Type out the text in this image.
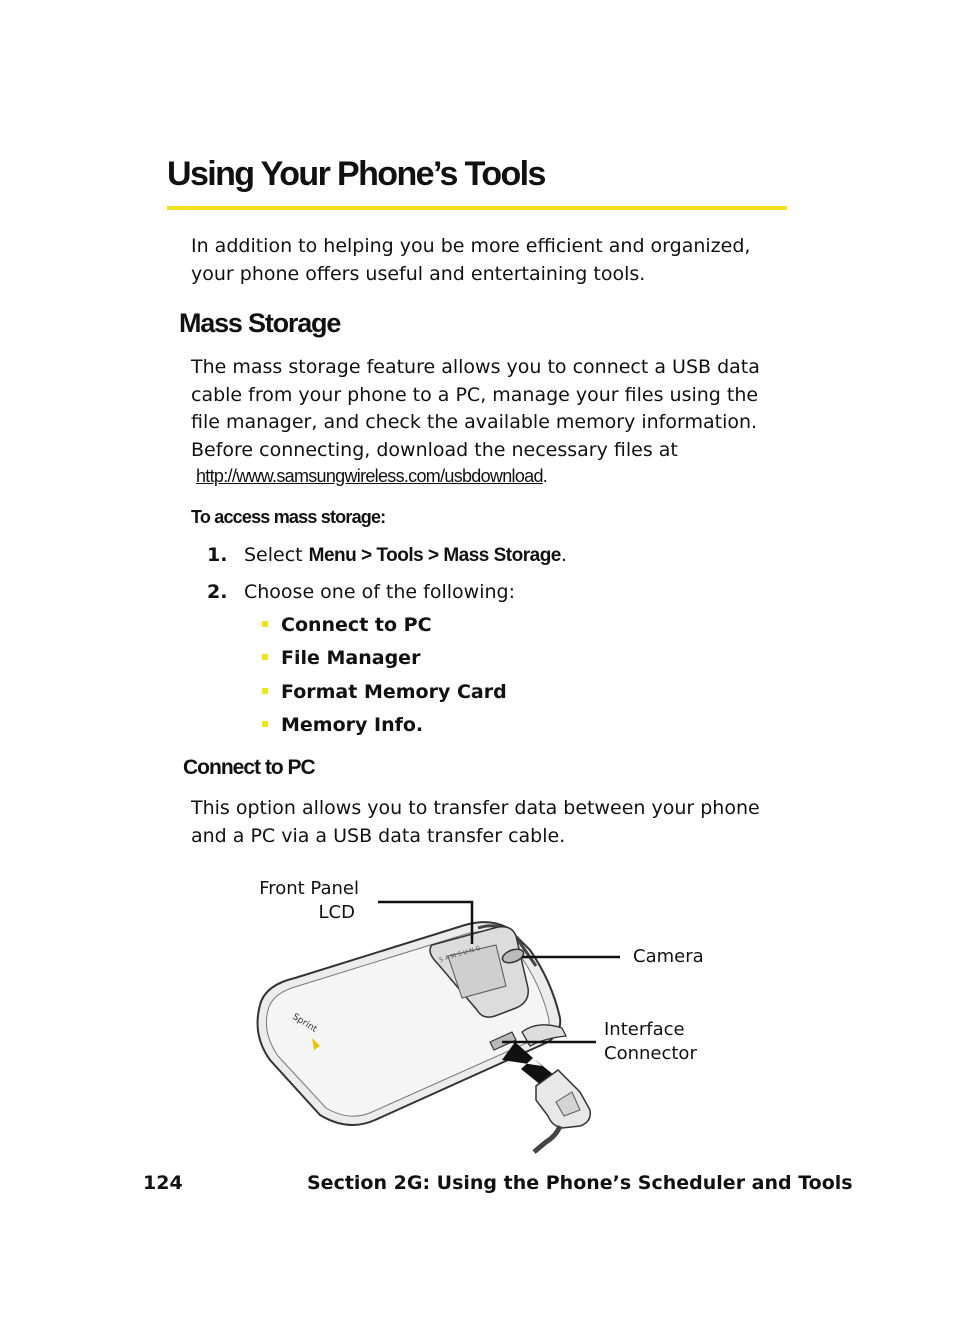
Using Your Phone’s Tools
In addition to helping you be more efficient and organized,
your phone offers useful and entertaining tools.
Mass Storage
The mass storage feature allows you to connect a USB data
cable from your phone to a PC, manage your files using the
file manager, and check the available memory information.
Before connecting, download the necessary files at
http://www.samsungwireless.com/usbdownload.
To access mass storage:
1. Select Menu > Tools > Mass Storage.
2. Choose one of the following:
Connect to PC
File Manager
Format Memory Card
Memory Info.
Connect to PC
This option allows you to transfer data between your phone
and a PC via a USB data transfer cable.
SAMSUNG
Sprint
Front Panel
LCD
Camera
Interface
Connector
124	Section 2G: Using the Phone’s Scheduler and Tools
